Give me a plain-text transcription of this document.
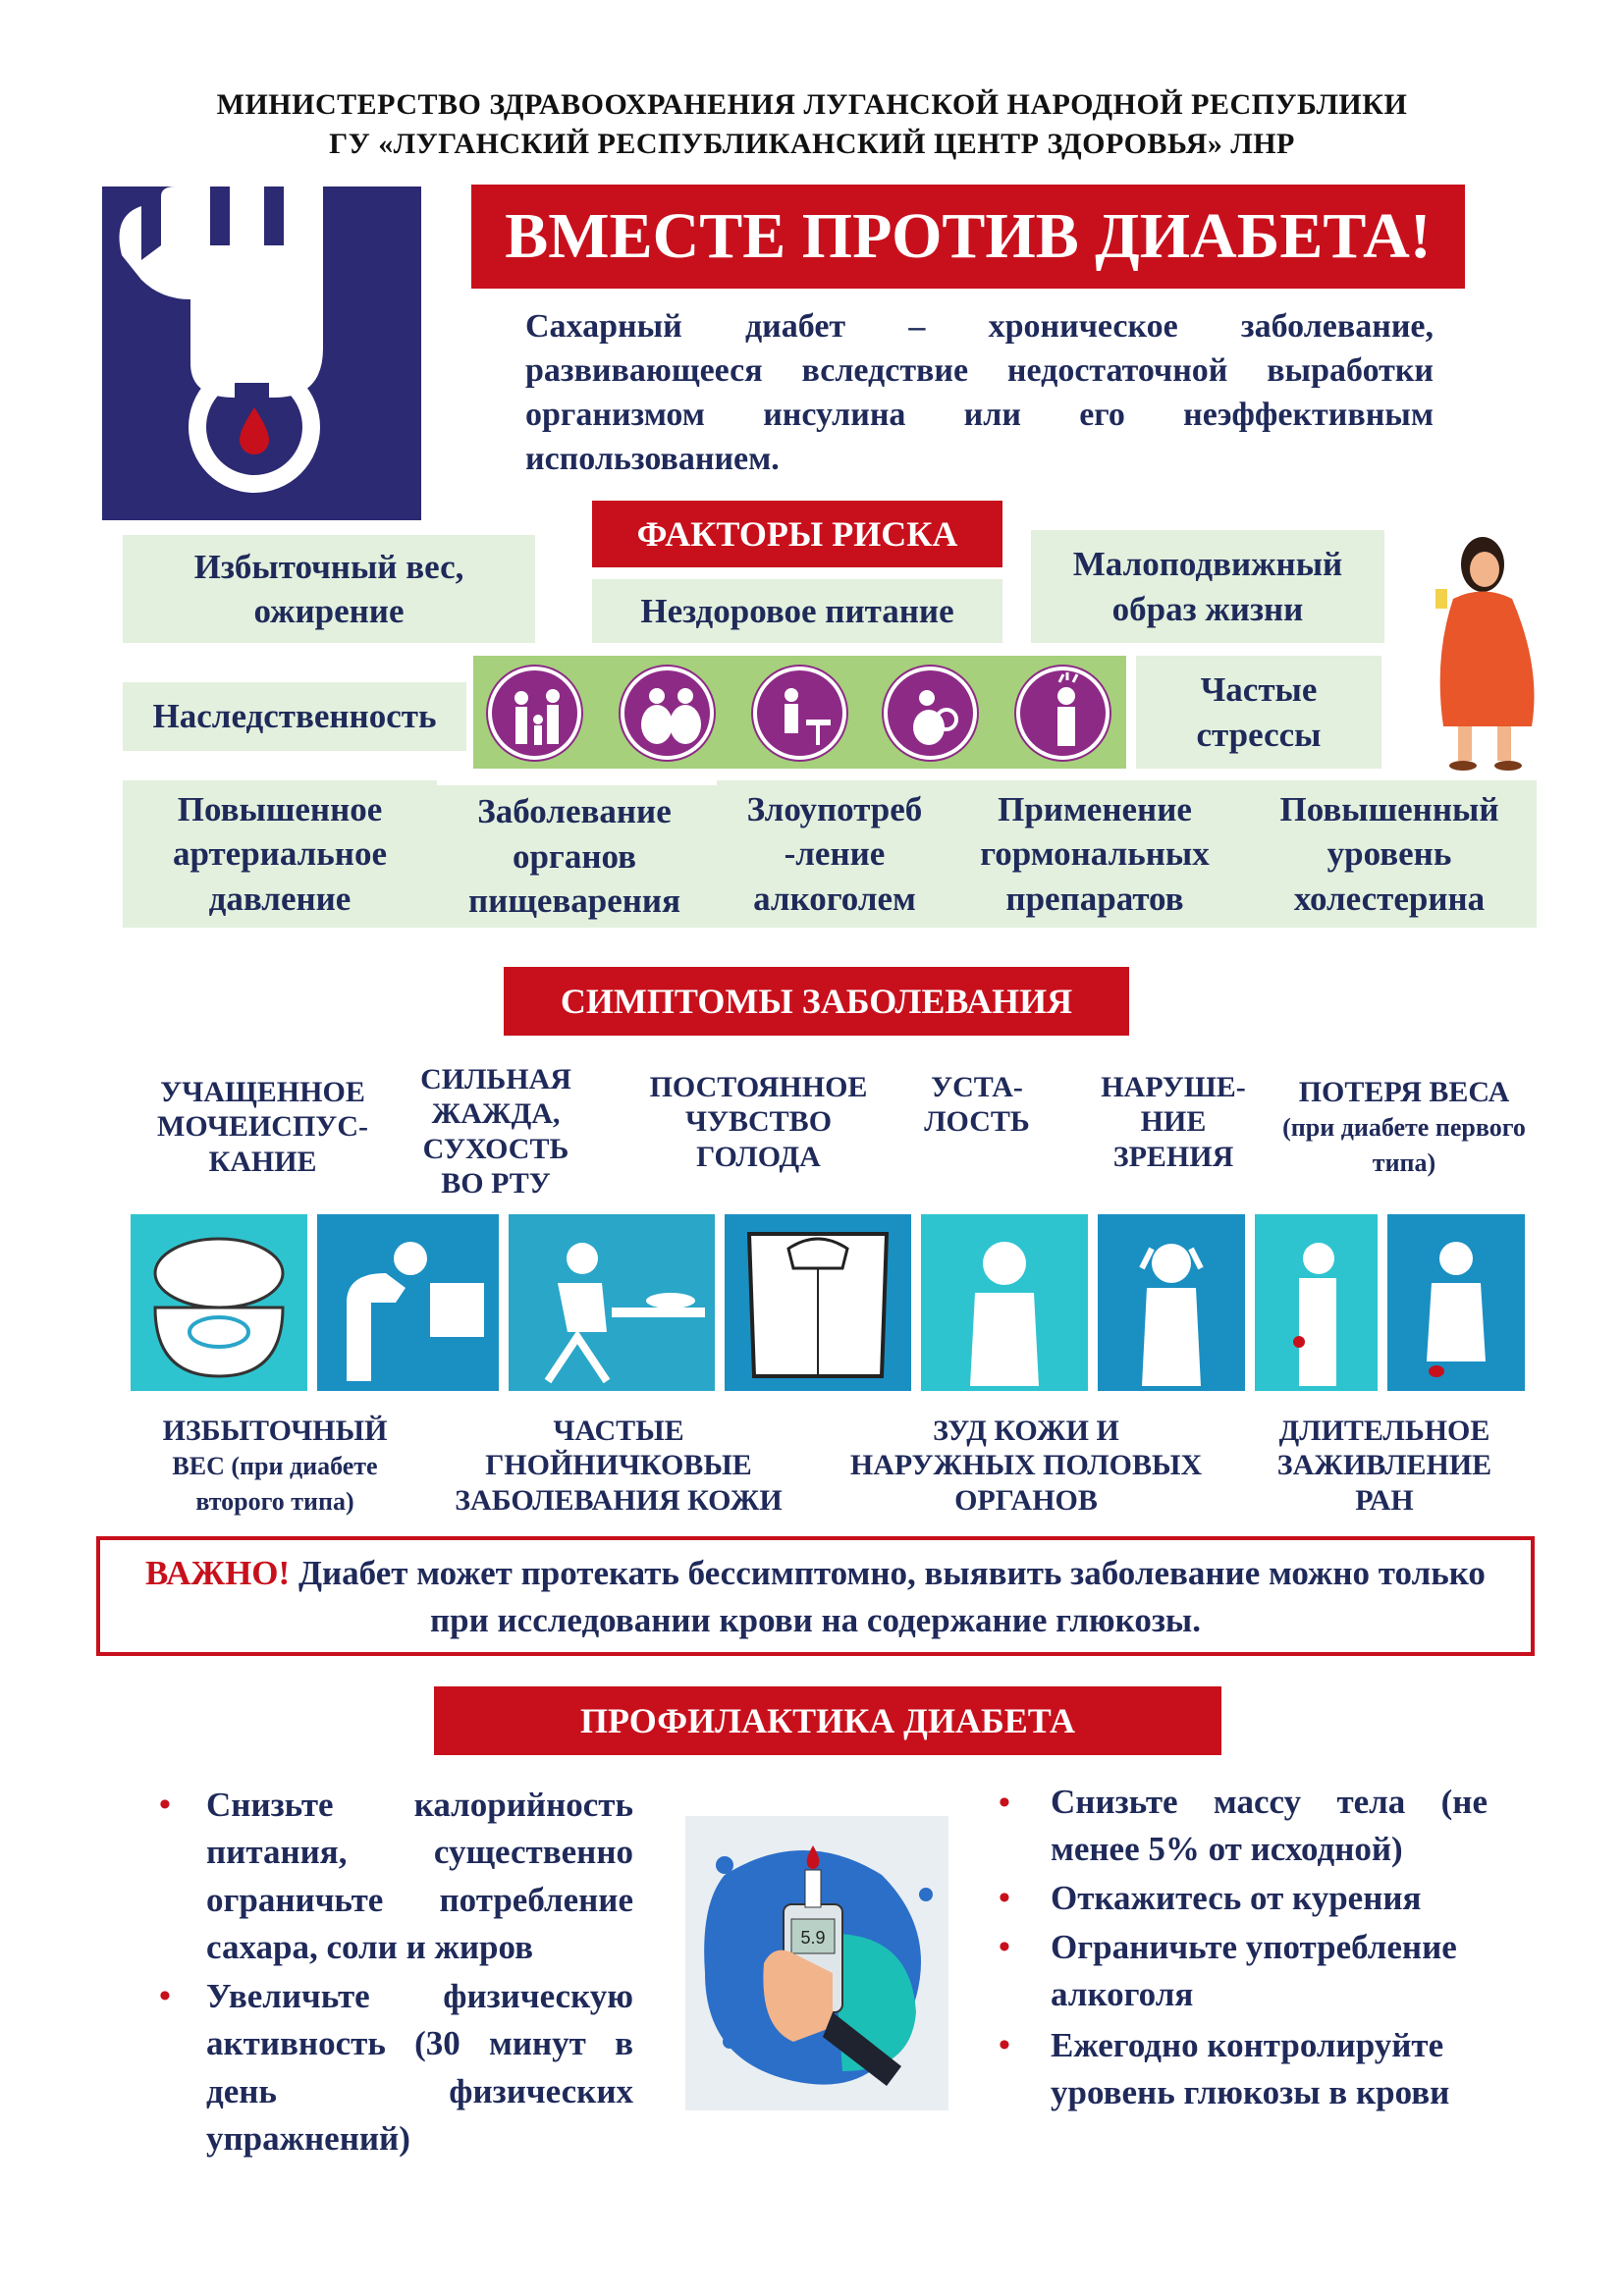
МИНИСТЕРСТВО ЗДРАВООХРАНЕНИЯ ЛУГАНСКОЙ НАРОДНОЙ РЕСПУБЛИКИ
ГУ «ЛУГАНСКИЙ РЕСПУБЛИКАНСКИЙ ЦЕНТР ЗДОРОВЬЯ» ЛНР
ВМЕСТЕ ПРОТИВ ДИАБЕТА!
Сахарный диабет – хроническое заболевание, развивающееся вследствие недостаточной выработки организмом инсулина или его неэффективным использованием.
ФАКТОРЫ РИСКА
Избыточный вес, ожирение	Нездоровое питание
Малоподвижный образ жизни
Наследственность
Частые стрессы
Повышенное артериальное давление
Заболевание органов пищеварения
Злоупотреб -ление алкоголем
Применение гормональных препаратов
Повышенный уровень холестерина
СИМПТОМЫ ЗАБОЛЕВАНИЯ
УЧАЩЕННОЕ МОЧЕИСПУС-КАНИЕ
СИЛЬНАЯ ЖАЖДА, СУХОСТЬ ВО РТУ
ПОСТОЯННОЕ ЧУВСТВО ГОЛОДА
УСТА-ЛОСТЬ
НАРУШЕ-НИЕ ЗРЕНИЯ
ПОТЕРЯ ВЕСА
(при диабете первого типа)
ИЗБЫТОЧНЫЙ
ВЕС (при диабете второго типа)
ЧАСТЫЕ ГНОЙНИЧКОВЫЕ ЗАБОЛЕВАНИЯ КОЖИ
ЗУД КОЖИ И НАРУЖНЫХ ПОЛОВЫХ ОРГАНОВ
ДЛИТЕЛЬНОЕ ЗАЖИВЛЕНИЕ РАН
ВАЖНО! Диабет может протекать бессимптомно, выявить заболевание можно только при исследовании крови на содержание глюкозы.
ПРОФИЛАКТИКА ДИАБЕТА
• Снизьте калорийность питания, существенно ограничьте потребление сахара, соли и жиров
• Увеличьте физическую активность (30 минут в день физических упражнений)
5.9
• Снизьте массу тела (не менее 5% от исходной)
• Откажитесь от курения
• Ограничьте употребление алкоголя
• Ежегодно контролируйте уровень глюкозы в крови
